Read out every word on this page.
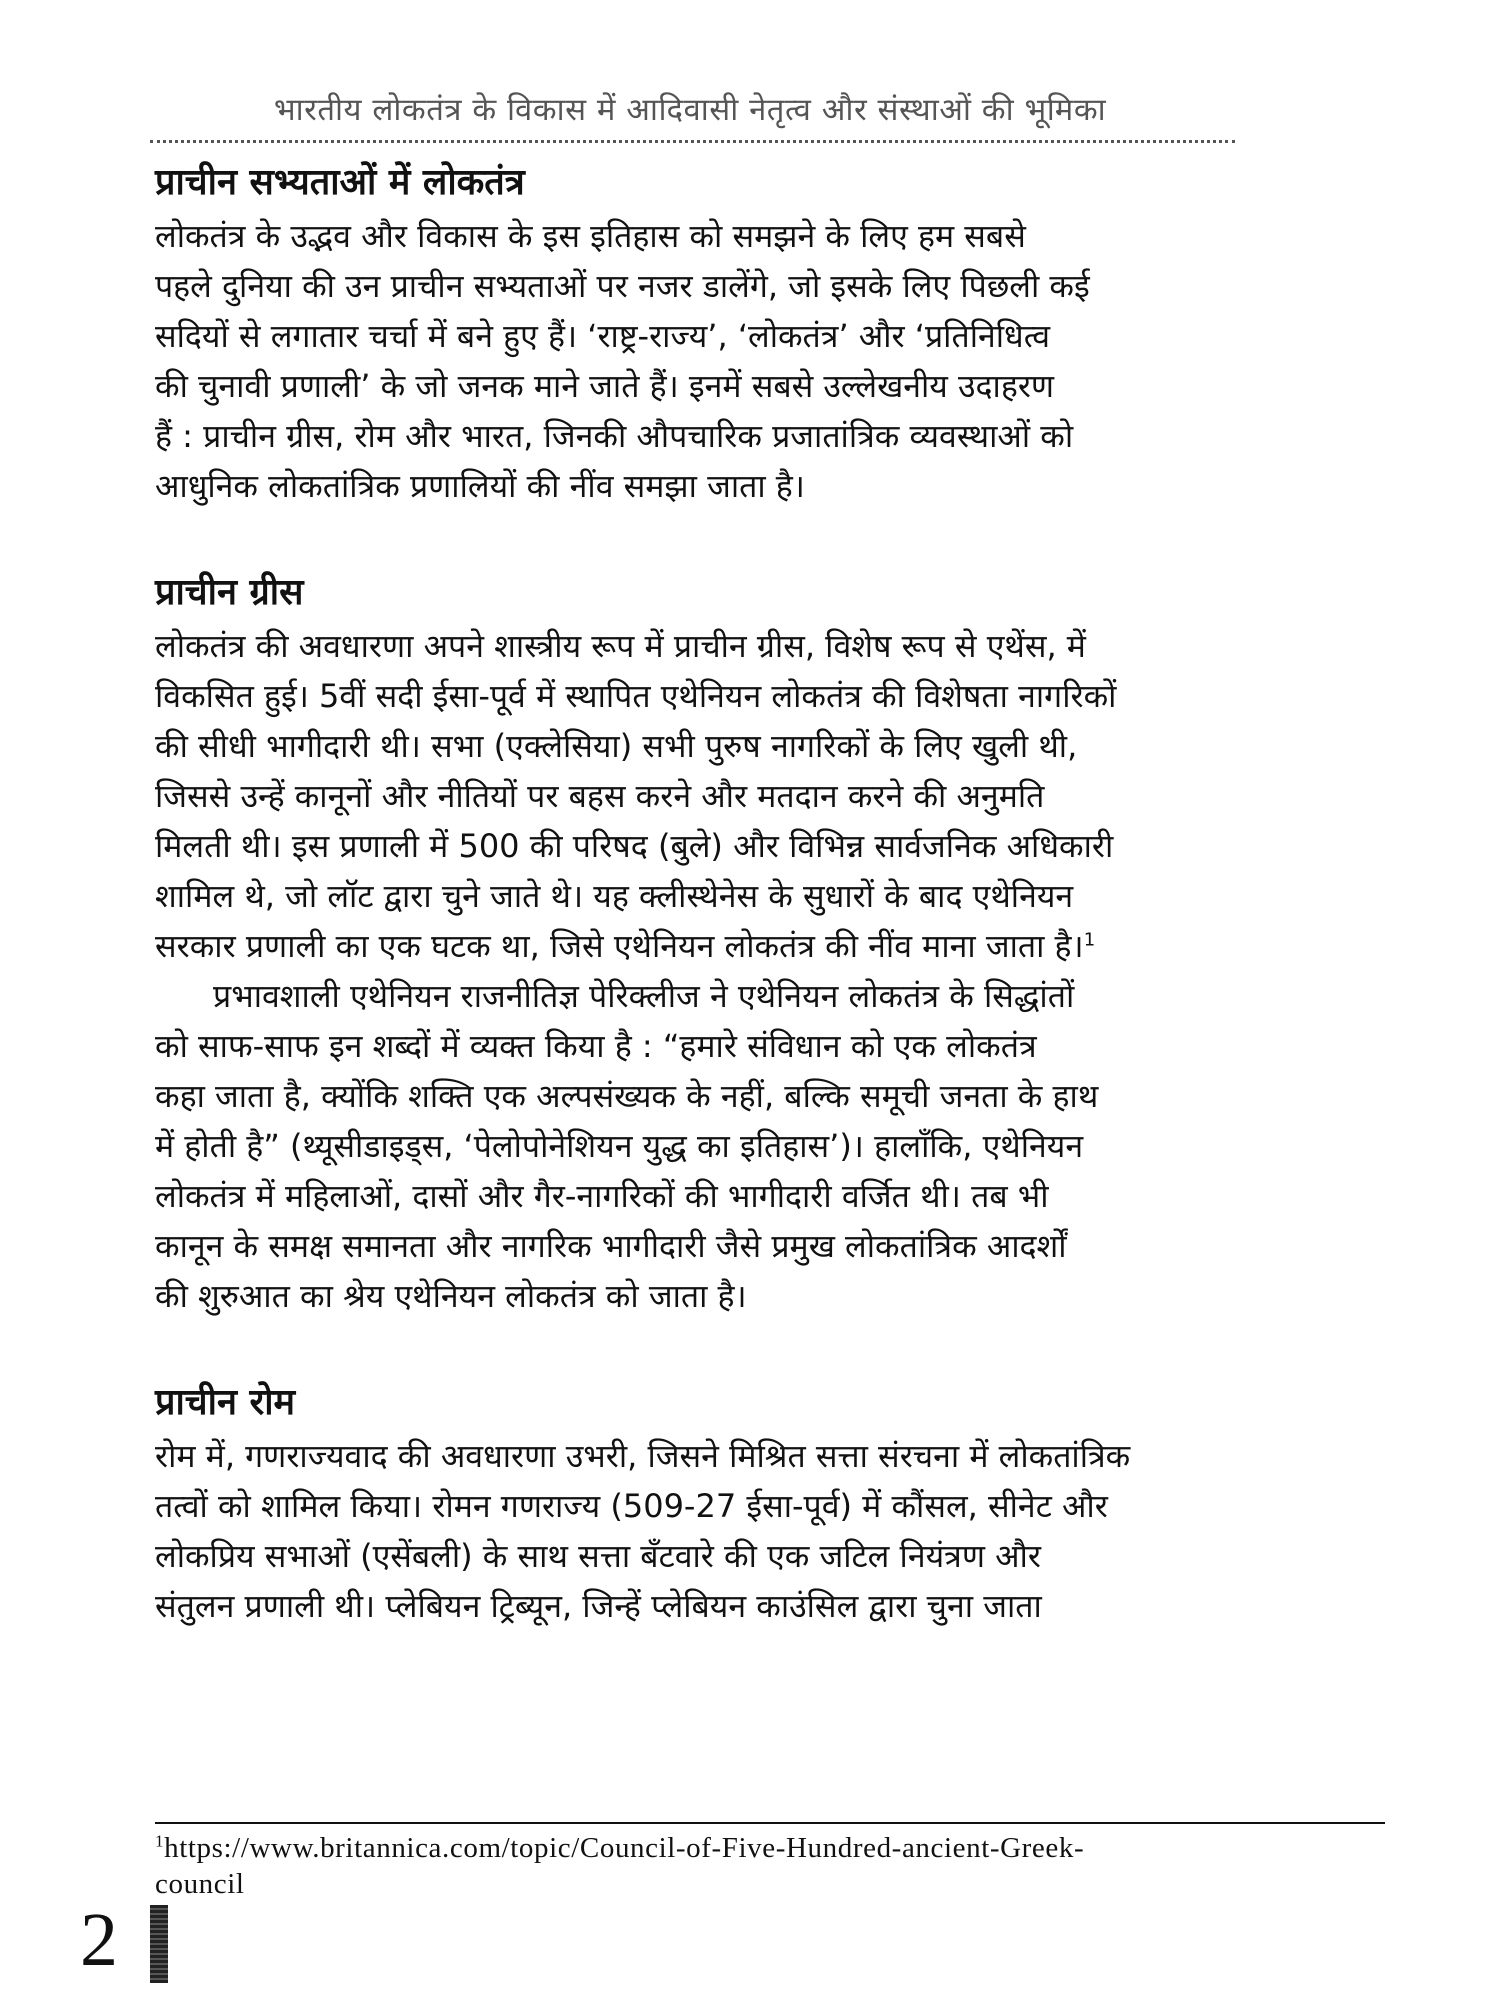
भारतीय लोकतंत्र के विकास में आदिवासी नेतृत्व और संस्थाओं की भूमिका
प्राचीन सभ्यताओं में लोकतंत्र
लोकतंत्र के उद्भव और विकास के इस इतिहास को समझने के लिए हम सबसे
पहले दुनिया की उन प्राचीन सभ्यताओं पर नजर डालेंगे, जो इसके लिए पिछली कई
सदियों से लगातार चर्चा में बने हुए हैं। ‘राष्ट्र-राज्य’, ‘लोकतंत्र’ और ‘प्रतिनिधित्व
की चुनावी प्रणाली’ के जो जनक माने जाते हैं। इनमें सबसे उल्लेखनीय उदाहरण
हैं : प्राचीन ग्रीस, रोम और भारत, जिनकी औपचारिक प्रजातांत्रिक व्यवस्थाओं को
आधुनिक लोकतांत्रिक प्रणालियों की नींव समझा जाता है।
प्राचीन ग्रीस
लोकतंत्र की अवधारणा अपने शास्त्रीय रूप में प्राचीन ग्रीस, विशेष रूप से एथेंस, में
विकसित हुई। 5वीं सदी ईसा-पूर्व में स्थापित एथेनियन लोकतंत्र की विशेषता नागरिकों
की सीधी भागीदारी थी। सभा (एक्लेसिया) सभी पुरुष नागरिकों के लिए खुली थी,
जिससे उन्हें कानूनों और नीतियों पर बहस करने और मतदान करने की अनुमति
मिलती थी। इस प्रणाली में 500 की परिषद (बुले) और विभिन्न सार्वजनिक अधिकारी
शामिल थे, जो लॉट द्वारा चुने जाते थे। यह क्लीस्थेनेस के सुधारों के बाद एथेनियन
सरकार प्रणाली का एक घटक था, जिसे एथेनियन लोकतंत्र की नींव माना जाता है।$^1$
प्रभावशाली एथेनियन राजनीतिज्ञ पेरिक्लीज ने एथेनियन लोकतंत्र के सिद्धांतों
को साफ-साफ इन शब्दों में व्यक्त किया है : “हमारे संविधान को एक लोकतंत्र
कहा जाता है, क्योंकि शक्ति एक अल्पसंख्यक के नहीं, बल्कि समूची जनता के हाथ
में होती है” (थ्यूसीडाइड्स, ‘पेलोपोनेशियन युद्ध का इतिहास’)। हालाँकि, एथेनियन
लोकतंत्र में महिलाओं, दासों और गैर-नागरिकों की भागीदारी वर्जित थी। तब भी
कानून के समक्ष समानता और नागरिक भागीदारी जैसे प्रमुख लोकतांत्रिक आदर्शों
की शुरुआत का श्रेय एथेनियन लोकतंत्र को जाता है।
प्राचीन रोम
रोम में, गणराज्यवाद की अवधारणा उभरी, जिसने मिश्रित सत्ता संरचना में लोकतांत्रिक
तत्वों को शामिल किया। रोमन गणराज्य (509-27 ईसा-पूर्व) में कौंसल, सीनेट और
लोकप्रिय सभाओं (एसेंबली) के साथ सत्ता बँटवारे की एक जटिल नियंत्रण और
संतुलन प्रणाली थी। प्लेबियन ट्रिब्यून, जिन्हें प्लेबियन काउंसिल द्वारा चुना जाता
$^1$https://www.britannica.com/topic/Council-of-Five-Hundred-ancient-Greek-
council
2
